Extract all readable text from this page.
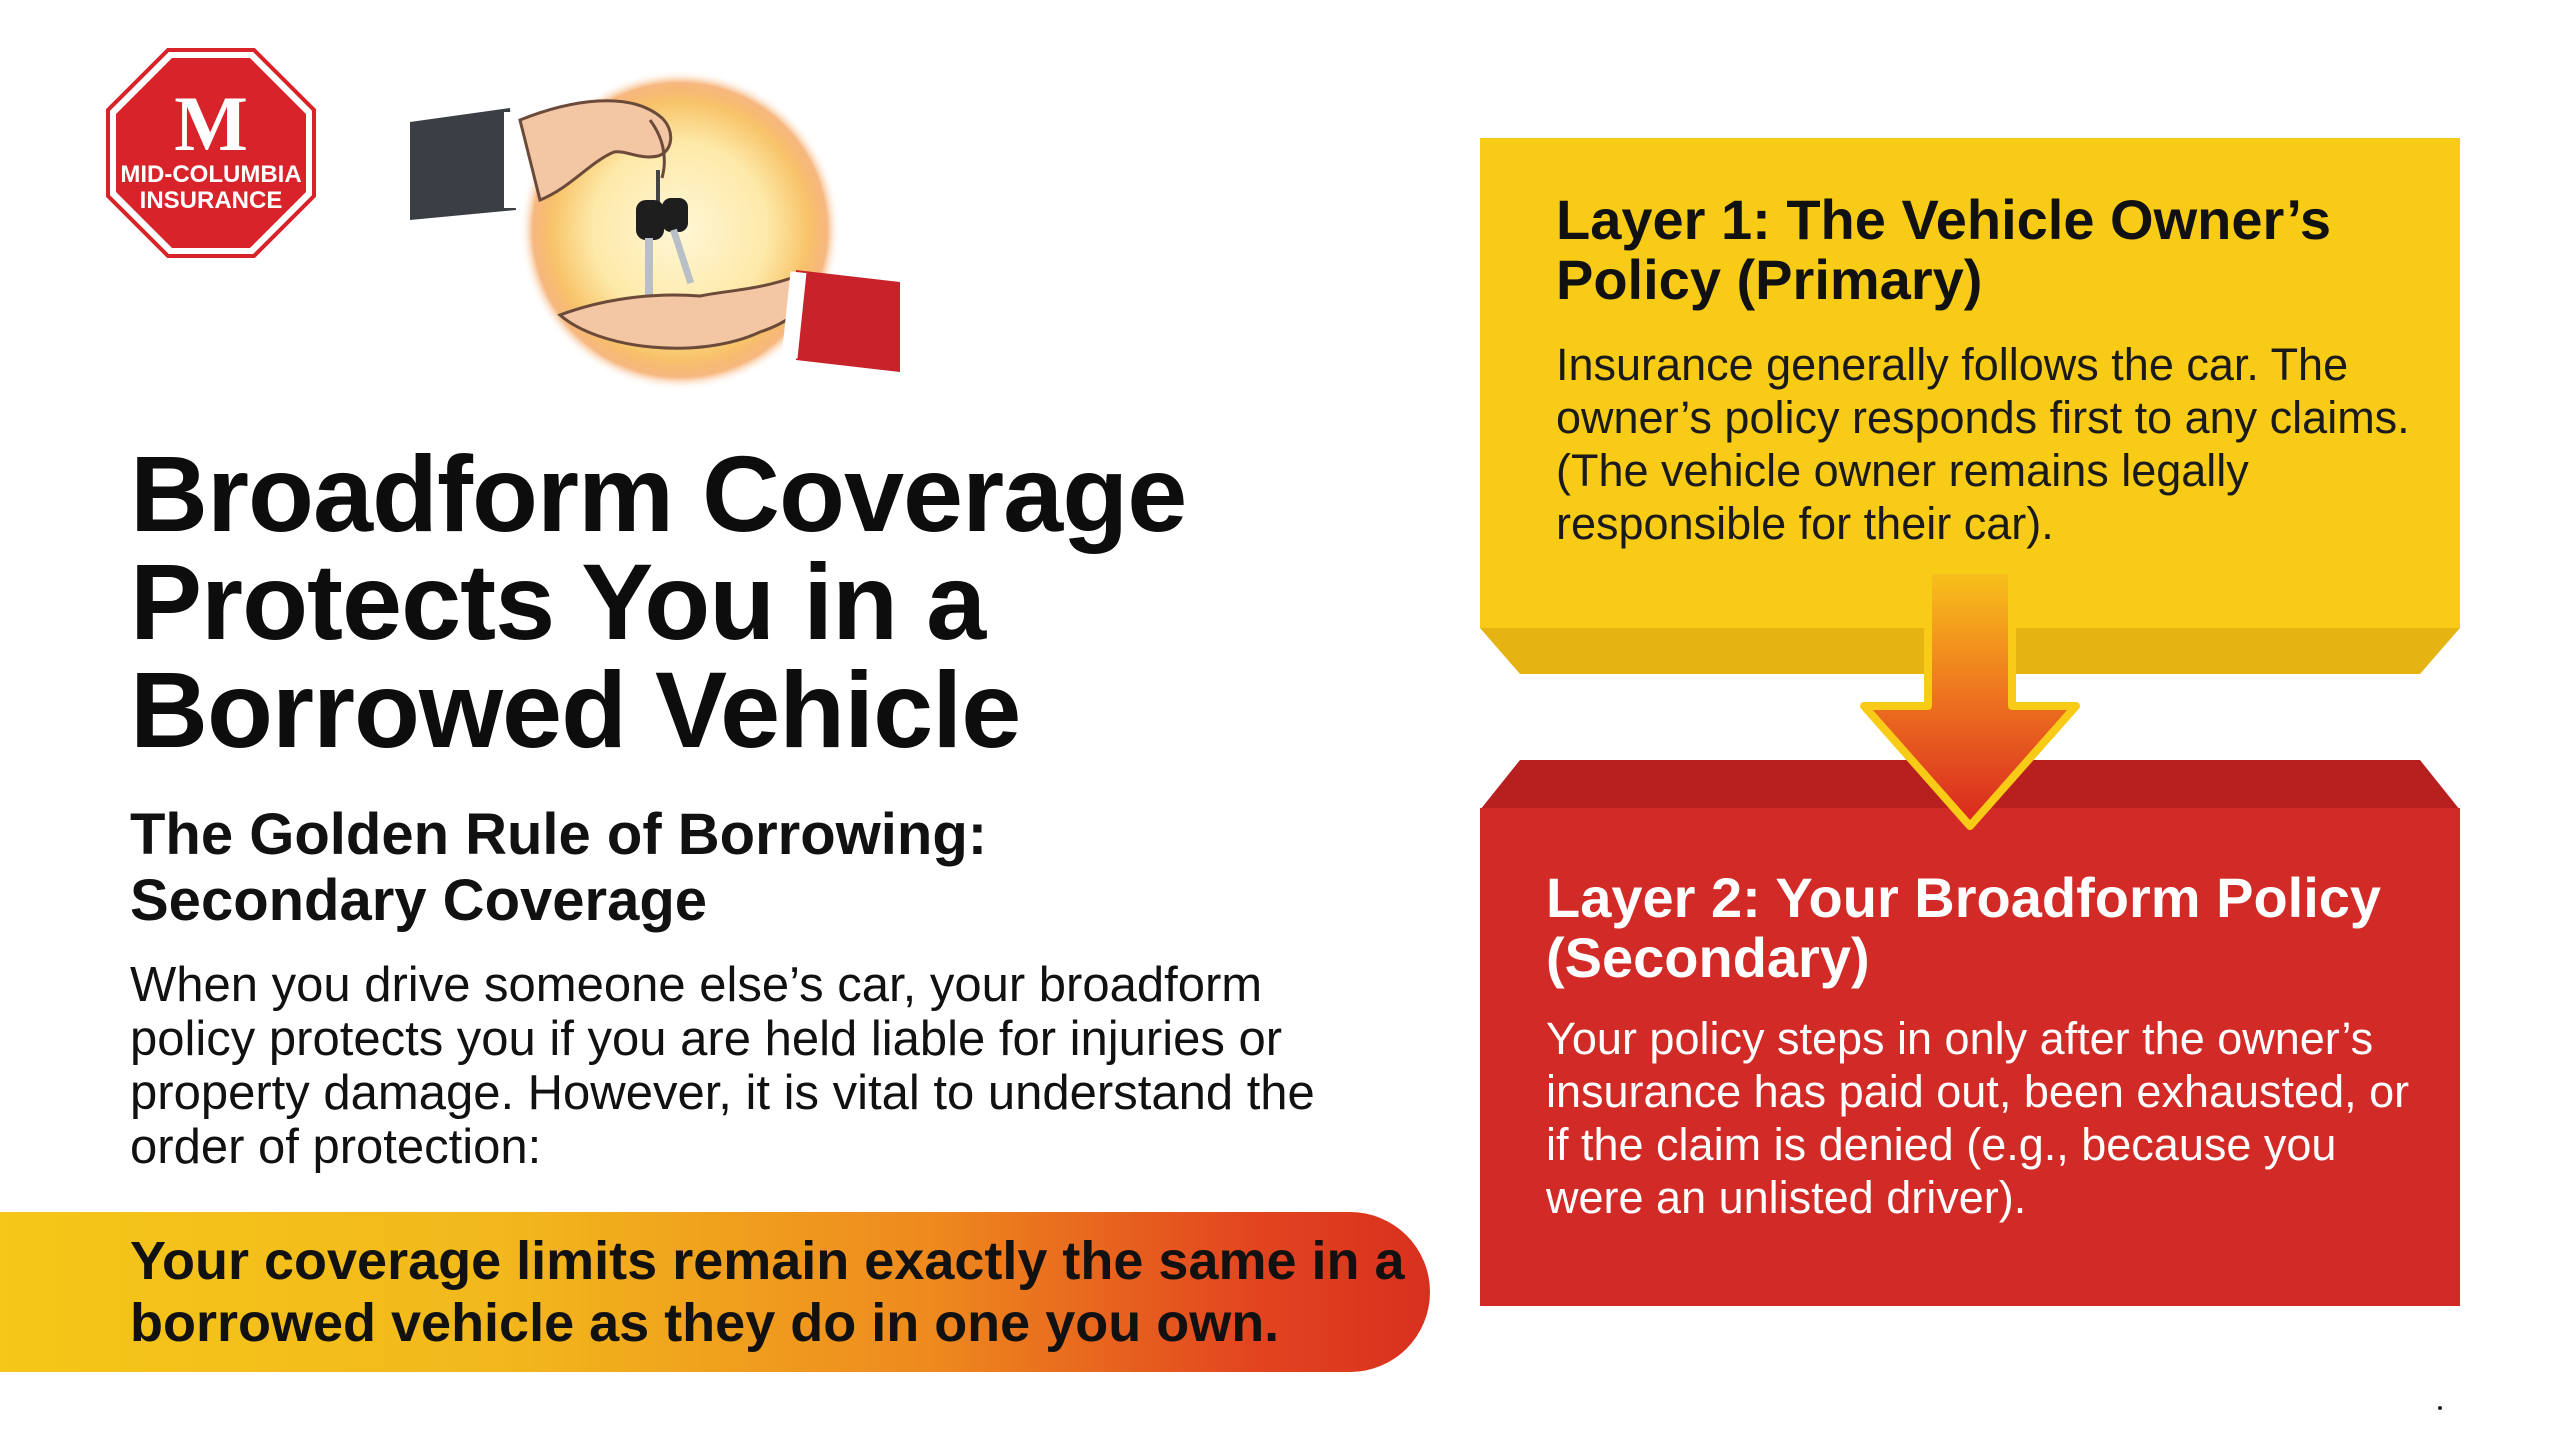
M
MID-COLUMBIA
INSURANCE
Broadform Coverage
Protects You in a
Borrowed Vehicle
The Golden Rule of Borrowing:
Secondary Coverage

When you drive someone else’s car, your broadform policy protects you if you are held liable for injuries or property damage. However, it is vital to understand the order of protection:

Your coverage limits remain exactly the same in a borrowed vehicle as they do in one you own.

Layer 1: The Vehicle Owner’s Policy (Primary)

Insurance generally follows the car. The owner’s policy responds first to any claims. (The vehicle owner remains legally responsible for their car).

Layer 2: Your Broadform Policy (Secondary)

Your policy steps in only after the owner’s insurance has paid out, been exhausted, or if the claim is denied (e.g., because you were an unlisted driver).
